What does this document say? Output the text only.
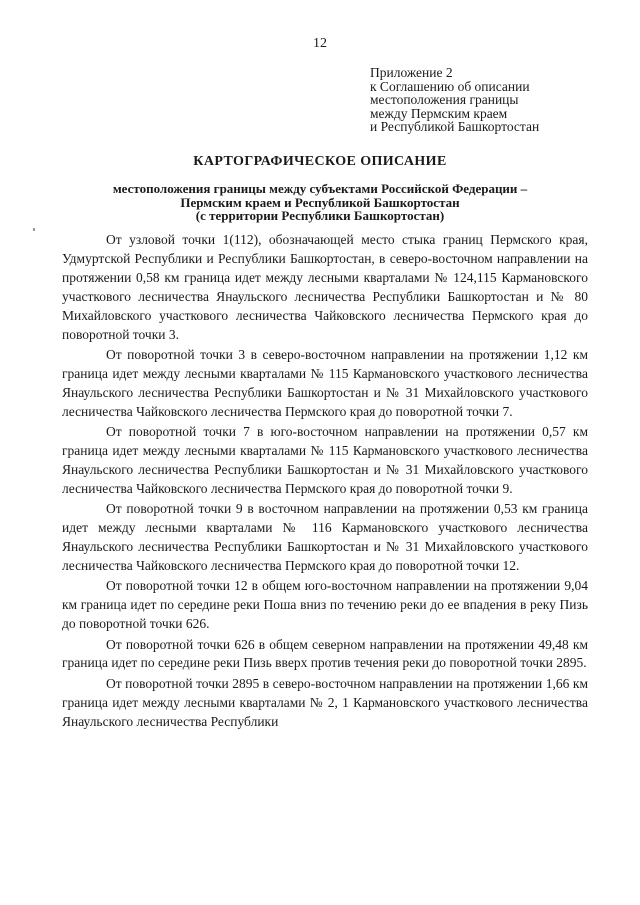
12
Приложение 2
к Соглашению об описании
местоположения границы
между Пермским краем
и Республикой Башкортостан
КАРТОГРАФИЧЕСКОЕ ОПИСАНИЕ
местоположения границы между субъектами Российской Федерации –
Пермским краем и Республикой Башкортостан
(с территории Республики Башкортостан)

От узловой точки 1(112), обозначающей место стыка границ Пермского края, Удмуртской Республики и Республики Башкортостан, в северо-восточном направлении на протяжении 0,58 км граница идет между лесными кварталами № 124,115 Кармановского участкового лесничества Янаульского лесничества Республики Башкортостан и № 80 Михайловского участкового лесничества Чайковского лесничества Пермского края до поворотной точки 3.

От поворотной точки 3 в северо-восточном направлении на протяжении 1,12 км граница идет между лесными кварталами № 115 Кармановского участкового лесничества Янаульского лесничества Республики Башкортостан и № 31 Михайловского участкового лесничества Чайковского лесничества Пермского края до поворотной точки 7.

От поворотной точки 7 в юго-восточном направлении на протяжении 0,57 км граница идет между лесными кварталами № 115 Кармановского участкового лесничества Янаульского лесничества Республики Башкортостан и № 31 Михайловского участкового лесничества Чайковского лесничества Пермского края до поворотной точки 9.

От поворотной точки 9 в восточном направлении на протяжении 0,53 км граница идет между лесными кварталами № 116 Кармановского участкового лесничества Янаульского лесничества Республики Башкортостан и № 31 Михайловского участкового лесничества Чайковского лесничества Пермского края до поворотной точки 12.

От поворотной точки 12 в общем юго-восточном направлении на протяжении 9,04 км граница идет по середине реки Поша вниз по течению реки до ее впадения в реку Пизь до поворотной точки 626.

От поворотной точки 626 в общем северном направлении на протяжении 49,48 км граница идет по середине реки Пизь вверх против течения реки до поворотной точки 2895.

От поворотной точки 2895 в северо-восточном направлении на протяжении 1,66 км граница идет между лесными кварталами № 2, 1 Кармановского участкового лесничества Янаульского лесничества Республики
